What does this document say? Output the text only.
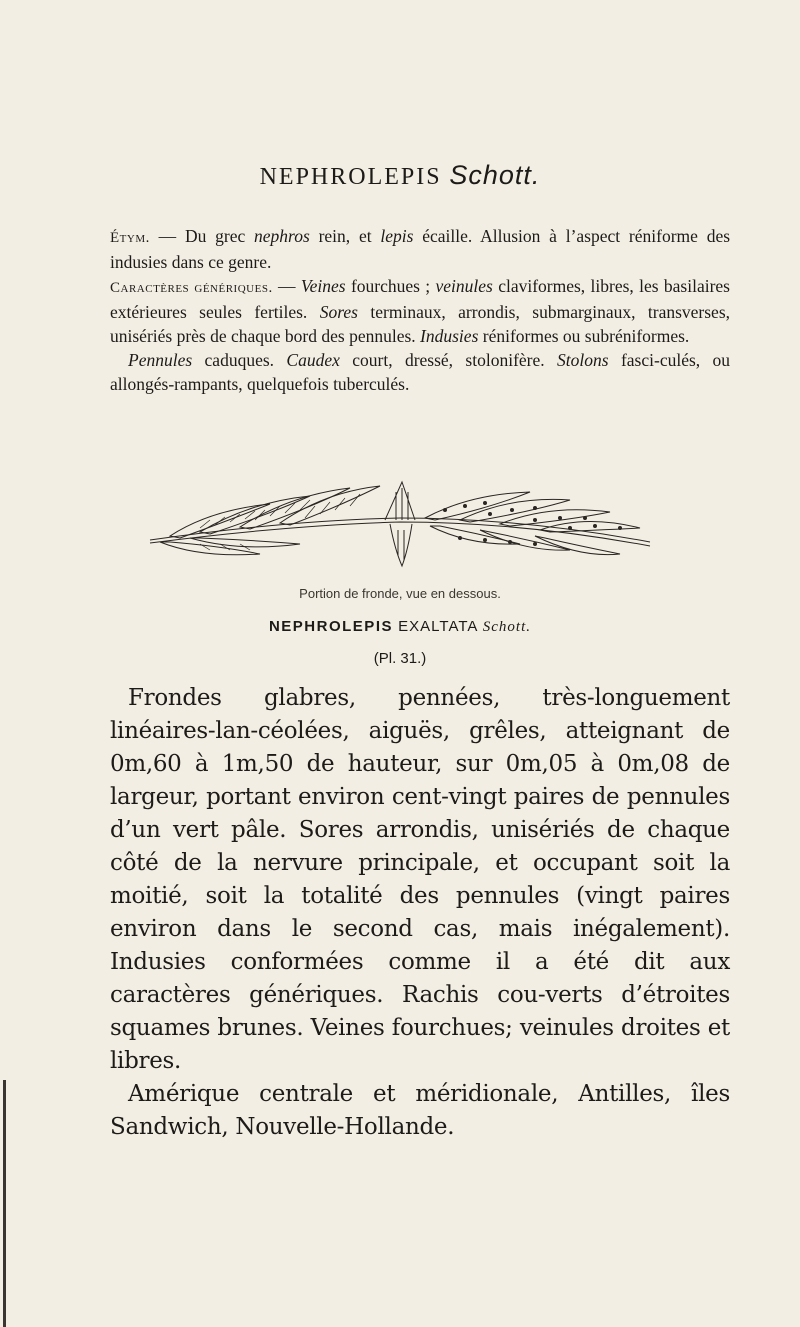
NEPHROLEPIS Schott.

Étym. — Du grec nephros rein, et lepis écaille. Allusion à l’aspect réniforme des indusies dans ce genre.

Caractères génériques. — Veines fourchues ; veinules claviformes, libres, les basilaires extérieures seules fertiles. Sores terminaux, arrondis, submarginaux, transverses, unisériés près de chaque bord des pennules. Indusies réniformes ou subréniformes.

Pennules caduques. Caudex court, dressé, stolonifère. Stolons fasci-culés, ou allongés-rampants, quelquefois tuberculés.

Portion de fronde, vue en dessous.
NEPHROLEPIS EXALTATA Schott.
(Pl. 31.)

Frondes glabres, pennées, très-longuement linéaires-lan-céolées, aiguës, grêles, atteignant de 0m,60 à 1m,50 de hauteur, sur 0m,05 à 0m,08 de largeur, portant environ cent-vingt paires de pennules d’un vert pâle. Sores arrondis, unisériés de chaque côté de la nervure principale, et occupant soit la moitié, soit la totalité des pennules (vingt paires environ dans le second cas, mais inégalement). Indusies conformées comme il a été dit aux caractères génériques. Rachis cou-verts d’étroites squames brunes. Veines fourchues; veinules droites et libres.

Amérique centrale et méridionale, Antilles, îles Sandwich, Nouvelle-Hollande.
